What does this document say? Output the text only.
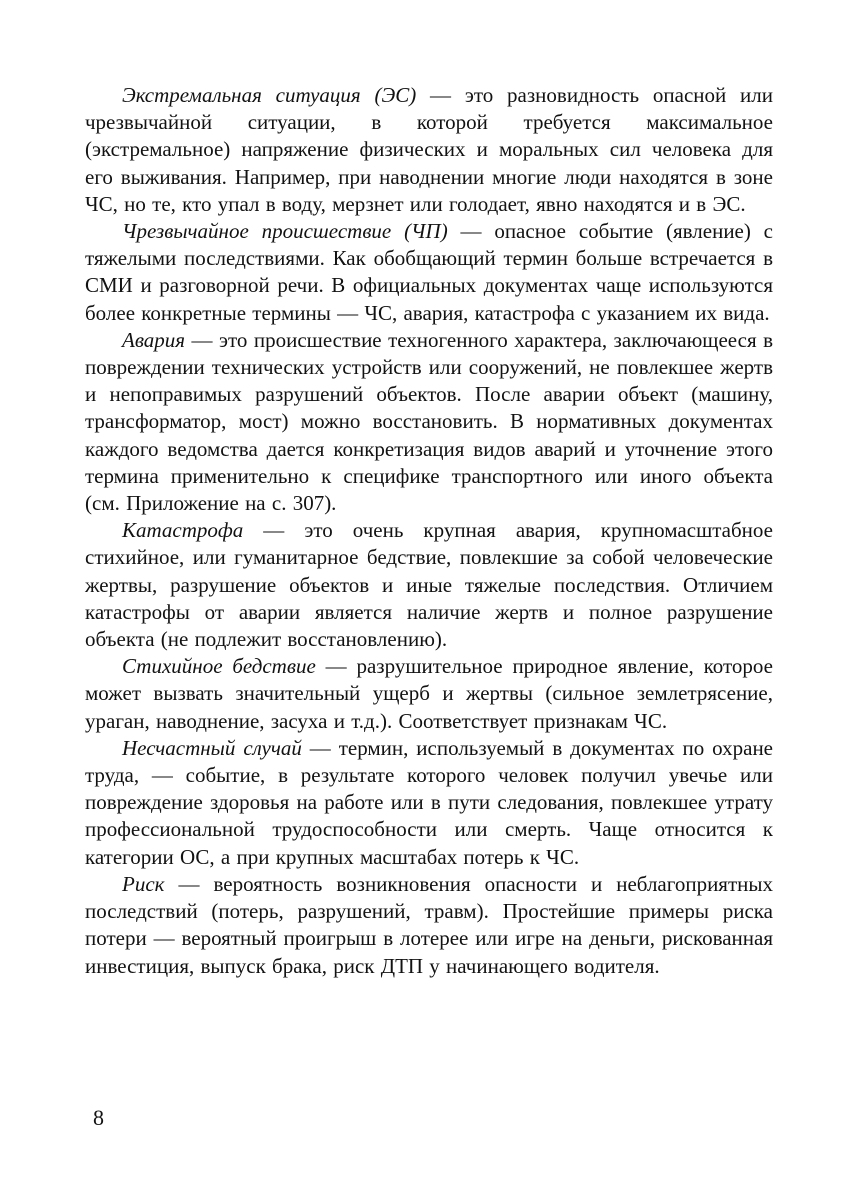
Экстремальная ситуация (ЭС) — это разновидность опасной или чрезвычайной ситуации, в которой требуется максимальное (экстремальное) напряжение физических и моральных сил человека для его выживания. Например, при наводнении многие люди находятся в зоне ЧС, но те, кто упал в воду, мерзнет или голодает, явно находятся и в ЭС.

Чрезвычайное происшествие (ЧП) — опасное событие (явление) с тяжелыми последствиями. Как обобщающий термин больше встречается в СМИ и разговорной речи. В официальных документах чаще используются более конкретные термины — ЧС, авария, катастрофа с указанием их вида.

Авария — это происшествие техногенного характера, заключающееся в повреждении технических устройств или сооружений, не повлекшее жертв и непоправимых разрушений объектов. После аварии объект (машину, трансформатор, мост) можно восстановить. В нормативных документах каждого ведомства дается конкретизация видов аварий и уточнение этого термина применительно к специфике транспортного или иного объекта (см. Приложение на с. 307).

Катастрофа — это очень крупная авария, крупномасштабное стихийное, или гуманитарное бедствие, повлекшие за собой человеческие жертвы, разрушение объектов и иные тяжелые последствия. Отличием катастрофы от аварии является наличие жертв и полное разрушение объекта (не подлежит восстановлению).

Стихийное бедствие — разрушительное природное явление, которое может вызвать значительный ущерб и жертвы (сильное землетрясение, ураган, наводнение, засуха и т.д.). Соответствует признакам ЧС.

Несчастный случай — термин, используемый в документах по охране труда, — событие, в результате которого человек получил увечье или повреждение здоровья на работе или в пути следования, повлекшее утрату профессиональной трудоспособности или смерть. Чаще относится к категории ОС, а при крупных масштабах потерь к ЧС.

Риск — вероятность возникновения опасности и неблагоприятных последствий (потерь, разрушений, травм). Простейшие примеры риска потери — вероятный проигрыш в лотерее или игре на деньги, рискованная инвестиция, выпуск брака, риск ДТП у начинающего водителя.

8
